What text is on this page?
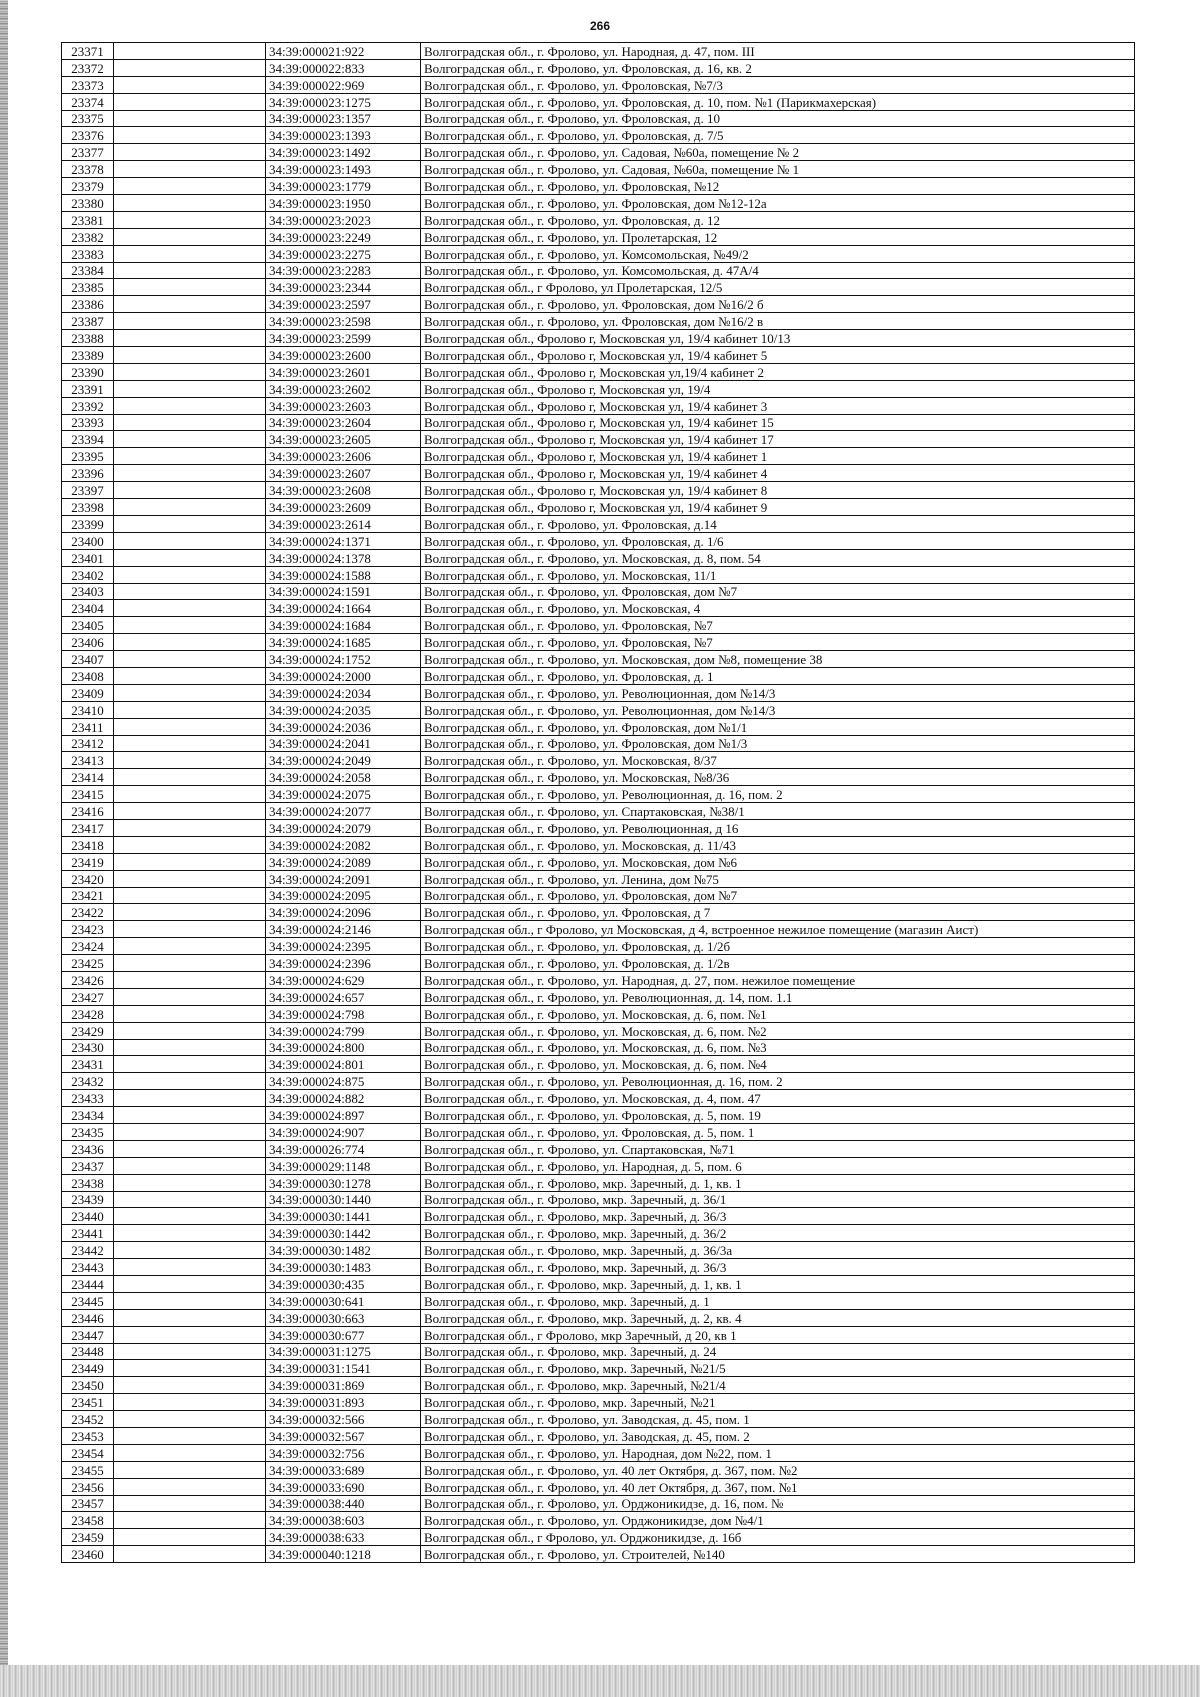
266
23371		34:39:000021:922	Волгоградская обл., г. Фролово, ул. Народная, д. 47, пом. III
23372		34:39:000022:833	Волгоградская обл., г. Фролово, ул. Фроловская, д. 16, кв. 2
23373		34:39:000022:969	Волгоградская обл., г. Фролово, ул. Фроловская, №7/3
23374		34:39:000023:1275	Волгоградская обл., г. Фролово, ул. Фроловская, д. 10, пом. №1 (Парикмахерская)
23375		34:39:000023:1357	Волгоградская обл., г. Фролово, ул. Фроловская, д. 10
23376		34:39:000023:1393	Волгоградская обл., г. Фролово, ул. Фроловская, д. 7/5
23377		34:39:000023:1492	Волгоградская обл., г. Фролово, ул. Садовая, №60а, помещение № 2
23378		34:39:000023:1493	Волгоградская обл., г. Фролово, ул. Садовая, №60а, помещение № 1
23379		34:39:000023:1779	Волгоградская обл., г. Фролово, ул. Фроловская, №12
23380		34:39:000023:1950	Волгоградская обл., г. Фролово, ул. Фроловская, дом №12-12а
23381		34:39:000023:2023	Волгоградская обл., г. Фролово, ул. Фроловская, д. 12
23382		34:39:000023:2249	Волгоградская обл., г. Фролово, ул. Пролетарская, 12
23383		34:39:000023:2275	Волгоградская обл., г. Фролово, ул. Комсомольская, №49/2
23384		34:39:000023:2283	Волгоградская обл., г. Фролово, ул. Комсомольская, д. 47А/4
23385		34:39:000023:2344	Волгоградская обл., г Фролово, ул Пролетарская, 12/5
23386		34:39:000023:2597	Волгоградская обл., г. Фролово, ул. Фроловская, дом №16/2 б
23387		34:39:000023:2598	Волгоградская обл., г. Фролово, ул. Фроловская, дом №16/2 в
23388		34:39:000023:2599	Волгоградская обл., Фролово г, Московская ул, 19/4 кабинет 10/13
23389		34:39:000023:2600	Волгоградская обл., Фролово г, Московская ул, 19/4 кабинет 5
23390		34:39:000023:2601	Волгоградская обл., Фролово г, Московская ул,19/4 кабинет 2
23391		34:39:000023:2602	Волгоградская обл., Фролово г, Московская ул, 19/4
23392		34:39:000023:2603	Волгоградская обл., Фролово г, Московская ул, 19/4 кабинет 3
23393		34:39:000023:2604	Волгоградская обл., Фролово г, Московская ул, 19/4 кабинет 15
23394		34:39:000023:2605	Волгоградская обл., Фролово г, Московская ул, 19/4 кабинет 17
23395		34:39:000023:2606	Волгоградская обл., Фролово г, Московская ул, 19/4 кабинет 1
23396		34:39:000023:2607	Волгоградская обл., Фролово г, Московская ул, 19/4 кабинет 4
23397		34:39:000023:2608	Волгоградская обл., Фролово г, Московская ул, 19/4 кабинет 8
23398		34:39:000023:2609	Волгоградская обл., Фролово г, Московская ул, 19/4 кабинет 9
23399		34:39:000023:2614	Волгоградская обл., г. Фролово, ул. Фроловская, д.14
23400		34:39:000024:1371	Волгоградская обл., г. Фролово, ул. Фроловская, д. 1/6
23401		34:39:000024:1378	Волгоградская обл., г. Фролово, ул. Московская, д. 8, пом. 54
23402		34:39:000024:1588	Волгоградская обл., г. Фролово, ул. Московская, 11/1
23403		34:39:000024:1591	Волгоградская обл., г. Фролово, ул. Фроловская, дом №7
23404		34:39:000024:1664	Волгоградская обл., г. Фролово, ул. Московская, 4
23405		34:39:000024:1684	Волгоградская обл., г. Фролово, ул. Фроловская, №7
23406		34:39:000024:1685	Волгоградская обл., г. Фролово, ул. Фроловская, №7
23407		34:39:000024:1752	Волгоградская обл., г. Фролово, ул. Московская, дом №8, помещение 38
23408		34:39:000024:2000	Волгоградская обл., г. Фролово, ул. Фроловская, д. 1
23409		34:39:000024:2034	Волгоградская обл., г. Фролово, ул. Революционная, дом №14/3
23410		34:39:000024:2035	Волгоградская обл., г. Фролово, ул. Революционная, дом №14/3
23411		34:39:000024:2036	Волгоградская обл., г. Фролово, ул. Фроловская, дом №1/1
23412		34:39:000024:2041	Волгоградская обл., г. Фролово, ул. Фроловская, дом №1/3
23413		34:39:000024:2049	Волгоградская обл., г. Фролово, ул. Московская, 8/37
23414		34:39:000024:2058	Волгоградская обл., г. Фролово, ул. Московская, №8/36
23415		34:39:000024:2075	Волгоградская обл., г. Фролово, ул. Революционная, д. 16, пом. 2
23416		34:39:000024:2077	Волгоградская обл., г. Фролово, ул. Спартаковская, №38/1
23417		34:39:000024:2079	Волгоградская обл., г. Фролово, ул. Революционная, д 16
23418		34:39:000024:2082	Волгоградская обл., г. Фролово, ул. Московская, д. 11/43
23419		34:39:000024:2089	Волгоградская обл., г. Фролово, ул. Московская, дом №6
23420		34:39:000024:2091	Волгоградская обл., г. Фролово, ул. Ленина, дом №75
23421		34:39:000024:2095	Волгоградская обл., г. Фролово, ул. Фроловская, дом №7
23422		34:39:000024:2096	Волгоградская обл., г. Фролово, ул. Фроловская, д 7
23423		34:39:000024:2146	Волгоградская обл., г Фролово, ул Московская, д 4, встроенное нежилое помещение (магазин Аист)
23424		34:39:000024:2395	Волгоградская обл., г. Фролово, ул. Фроловская, д. 1/2б
23425		34:39:000024:2396	Волгоградская обл., г. Фролово, ул. Фроловская, д. 1/2в
23426		34:39:000024:629	Волгоградская обл., г. Фролово, ул. Народная, д. 27, пом. нежилое помещение
23427		34:39:000024:657	Волгоградская обл., г. Фролово, ул. Революционная, д. 14, пом. 1.1
23428		34:39:000024:798	Волгоградская обл., г. Фролово, ул. Московская, д. 6, пом. №1
23429		34:39:000024:799	Волгоградская обл., г. Фролово, ул. Московская, д. 6, пом. №2
23430		34:39:000024:800	Волгоградская обл., г. Фролово, ул. Московская, д. 6, пом. №3
23431		34:39:000024:801	Волгоградская обл., г. Фролово, ул. Московская, д. 6, пом. №4
23432		34:39:000024:875	Волгоградская обл., г. Фролово, ул. Революционная, д. 16, пом. 2
23433		34:39:000024:882	Волгоградская обл., г. Фролово, ул. Московская, д. 4, пом. 47
23434		34:39:000024:897	Волгоградская обл., г. Фролово, ул. Фроловская, д. 5, пом. 19
23435		34:39:000024:907	Волгоградская обл., г. Фролово, ул. Фроловская, д. 5, пом. 1
23436		34:39:000026:774	Волгоградская обл., г. Фролово, ул. Спартаковская, №71
23437		34:39:000029:1148	Волгоградская обл., г. Фролово, ул. Народная, д. 5, пом. 6
23438		34:39:000030:1278	Волгоградская обл., г. Фролово, мкр. Заречный, д. 1, кв. 1
23439		34:39:000030:1440	Волгоградская обл., г. Фролово, мкр. Заречный, д. 36/1
23440		34:39:000030:1441	Волгоградская обл., г. Фролово, мкр. Заречный, д. 36/3
23441		34:39:000030:1442	Волгоградская обл., г. Фролово, мкр. Заречный, д. 36/2
23442		34:39:000030:1482	Волгоградская обл., г. Фролово, мкр. Заречный, д. 36/3а
23443		34:39:000030:1483	Волгоградская обл., г. Фролово, мкр. Заречный, д. 36/3
23444		34:39:000030:435	Волгоградская обл., г. Фролово, мкр. Заречный, д. 1, кв. 1
23445		34:39:000030:641	Волгоградская обл., г. Фролово, мкр. Заречный, д. 1
23446		34:39:000030:663	Волгоградская обл., г. Фролово, мкр. Заречный, д. 2, кв. 4
23447		34:39:000030:677	Волгоградская обл., г Фролово, мкр Заречный, д 20, кв 1
23448		34:39:000031:1275	Волгоградская обл., г. Фролово, мкр. Заречный, д. 24
23449		34:39:000031:1541	Волгоградская обл., г. Фролово, мкр. Заречный, №21/5
23450		34:39:000031:869	Волгоградская обл., г. Фролово, мкр. Заречный, №21/4
23451		34:39:000031:893	Волгоградская обл., г. Фролово, мкр. Заречный, №21
23452		34:39:000032:566	Волгоградская обл., г. Фролово, ул. Заводская, д. 45, пом. 1
23453		34:39:000032:567	Волгоградская обл., г. Фролово, ул. Заводская, д. 45, пом. 2
23454		34:39:000032:756	Волгоградская обл., г. Фролово, ул. Народная, дом №22, пом. 1
23455		34:39:000033:689	Волгоградская обл., г. Фролово, ул. 40 лет Октября, д. 367, пом. №2
23456		34:39:000033:690	Волгоградская обл., г. Фролово, ул. 40 лет Октября, д. 367, пом. №1
23457		34:39:000038:440	Волгоградская обл., г. Фролово, ул. Орджоникидзе, д. 16, пом. №
23458		34:39:000038:603	Волгоградская обл., г. Фролово, ул. Орджоникидзе, дом №4/1
23459		34:39:000038:633	Волгоградская обл., г Фролово, ул. Орджоникидзе, д. 16б
23460		34:39:000040:1218	Волгоградская обл., г. Фролово, ул. Строителей, №140
